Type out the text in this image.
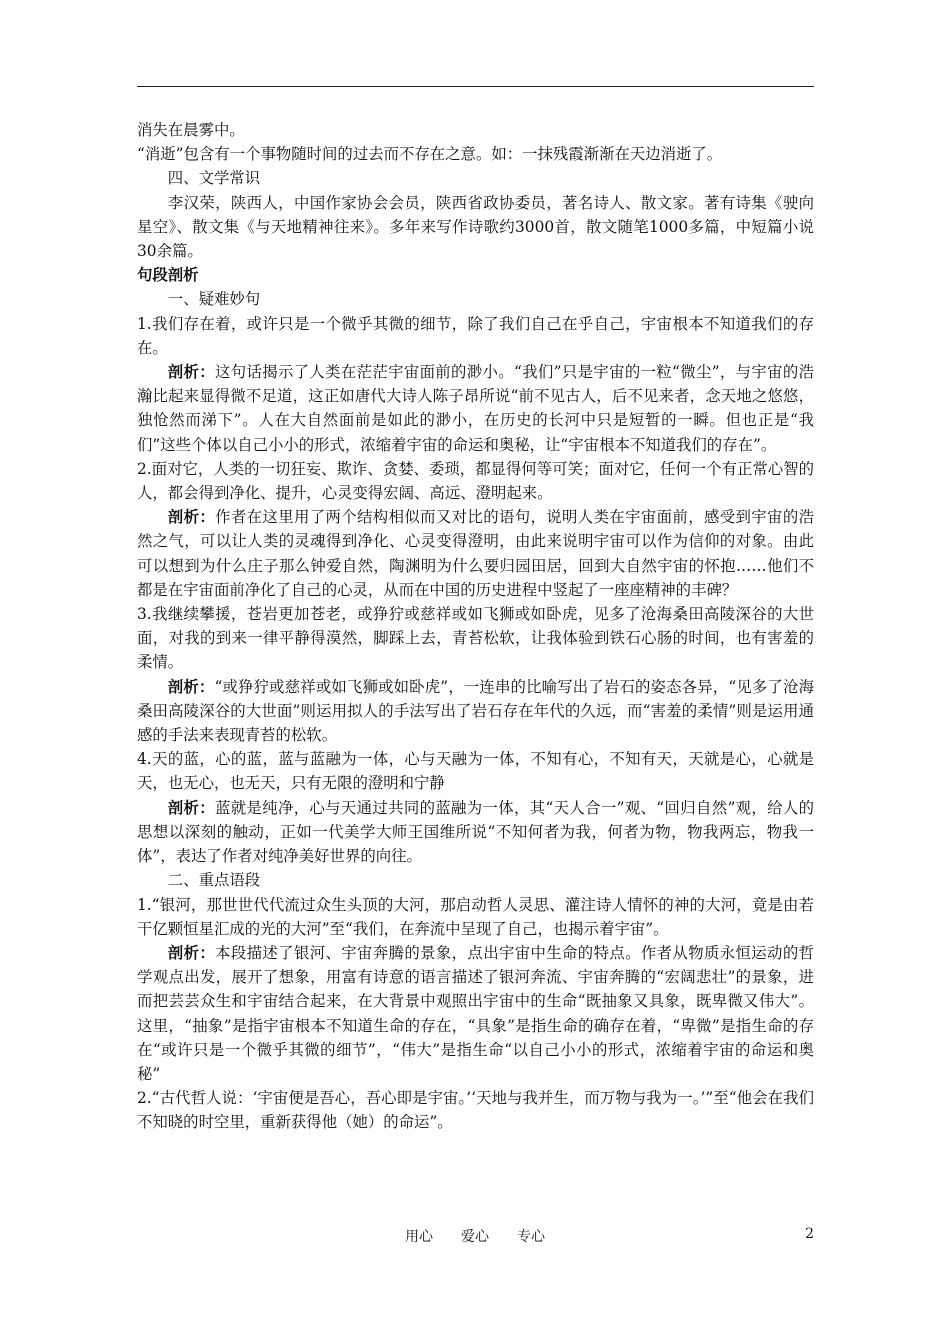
消失在晨雾中。

“消逝”包含有一个事物随时间的过去而不存在之意。如：一抹残霞渐渐在天边消逝了。

四、文学常识

李汉荣，陕西人，中国作家协会会员，陕西省政协委员，著名诗人、散文家。著有诗集《驶向星空》、散文集《与天地精神往来》。多年来写作诗歌约3000首，散文随笔1000多篇，中短篇小说30余篇。

句段剖析

一、疑难妙句

1.我们存在着，或许只是一个微乎其微的细节，除了我们自己在乎自己，宇宙根本不知道我们的存在。

剖析：这句话揭示了人类在茫茫宇宙面前的渺小。“我们”只是宇宙的一粒“微尘”，与宇宙的浩瀚比起来显得微不足道，这正如唐代大诗人陈子昂所说“前不见古人，后不见来者，念天地之悠悠，独怆然而涕下”。人在大自然面前是如此的渺小，在历史的长河中只是短暂的一瞬。但也正是“我们”这些个体以自己小小的形式，浓缩着宇宙的命运和奥秘，让“宇宙根本不知道我们的存在”。

2.面对它，人类的一切狂妄、欺诈、贪婪、委琐，都显得何等可笑；面对它，任何一个有正常心智的人，都会得到净化、提升，心灵变得宏阔、高远、澄明起来。

剖析：作者在这里用了两个结构相似而又对比的语句，说明人类在宇宙面前，感受到宇宙的浩然之气，可以让人类的灵魂得到净化、心灵变得澄明，由此来说明宇宙可以作为信仰的对象。由此可以想到为什么庄子那么钟爱自然，陶渊明为什么要归园田居，回到大自然宇宙的怀抱……他们不都是在宇宙面前净化了自己的心灵，从而在中国的历史进程中竖起了一座座精神的丰碑？

3.我继续攀援，苍岩更加苍老，或狰狞或慈祥或如飞狮或如卧虎，见多了沧海桑田高陵深谷的大世面，对我的到来一律平静得漠然，脚踩上去，青苔松软，让我体验到铁石心肠的时间，也有害羞的柔情。

剖析：“或狰狞或慈祥或如飞狮或如卧虎”，一连串的比喻写出了岩石的姿态各异，“见多了沧海桑田高陵深谷的大世面”则运用拟人的手法写出了岩石存在年代的久远，而“害羞的柔情”则是运用通感的手法来表现青苔的松软。

4.天的蓝，心的蓝，蓝与蓝融为一体，心与天融为一体，不知有心，不知有天，天就是心，心就是天，也无心，也无天，只有无限的澄明和宁静

剖析：蓝就是纯净，心与天通过共同的蓝融为一体，其“天人合一”观、“回归自然”观，给人的思想以深刻的触动，正如一代美学大师王国维所说“不知何者为我，何者为物，物我两忘，物我一体”，表达了作者对纯净美好世界的向往。

二、重点语段

1.“银河，那世世代代流过众生头顶的大河，那启动哲人灵思、灌注诗人情怀的神的大河，竟是由若干亿颗恒星汇成的光的大河”至“我们，在奔流中呈现了自己，也揭示着宇宙”。

剖析：本段描述了银河、宇宙奔腾的景象，点出宇宙中生命的特点。作者从物质永恒运动的哲学观点出发，展开了想象，用富有诗意的语言描述了银河奔流、宇宙奔腾的“宏阔悲壮”的景象，进而把芸芸众生和宇宙结合起来，在大背景中观照出宇宙中的生命“既抽象又具象，既卑微又伟大”。这里，“抽象”是指宇宙根本不知道生命的存在，“具象”是指生命的确存在着，“卑微”是指生命的存在“或许只是一个微乎其微的细节”，“伟大”是指生命“以自己小小的形式，浓缩着宇宙的命运和奥秘”

2.“古代哲人说：‘宇宙便是吾心，吾心即是宇宙。’‘天地与我并生，而万物与我为一。’”至“他会在我们不知晓的时空里，重新获得他（她）的命运”。

用心　　爱心　　专心	2
